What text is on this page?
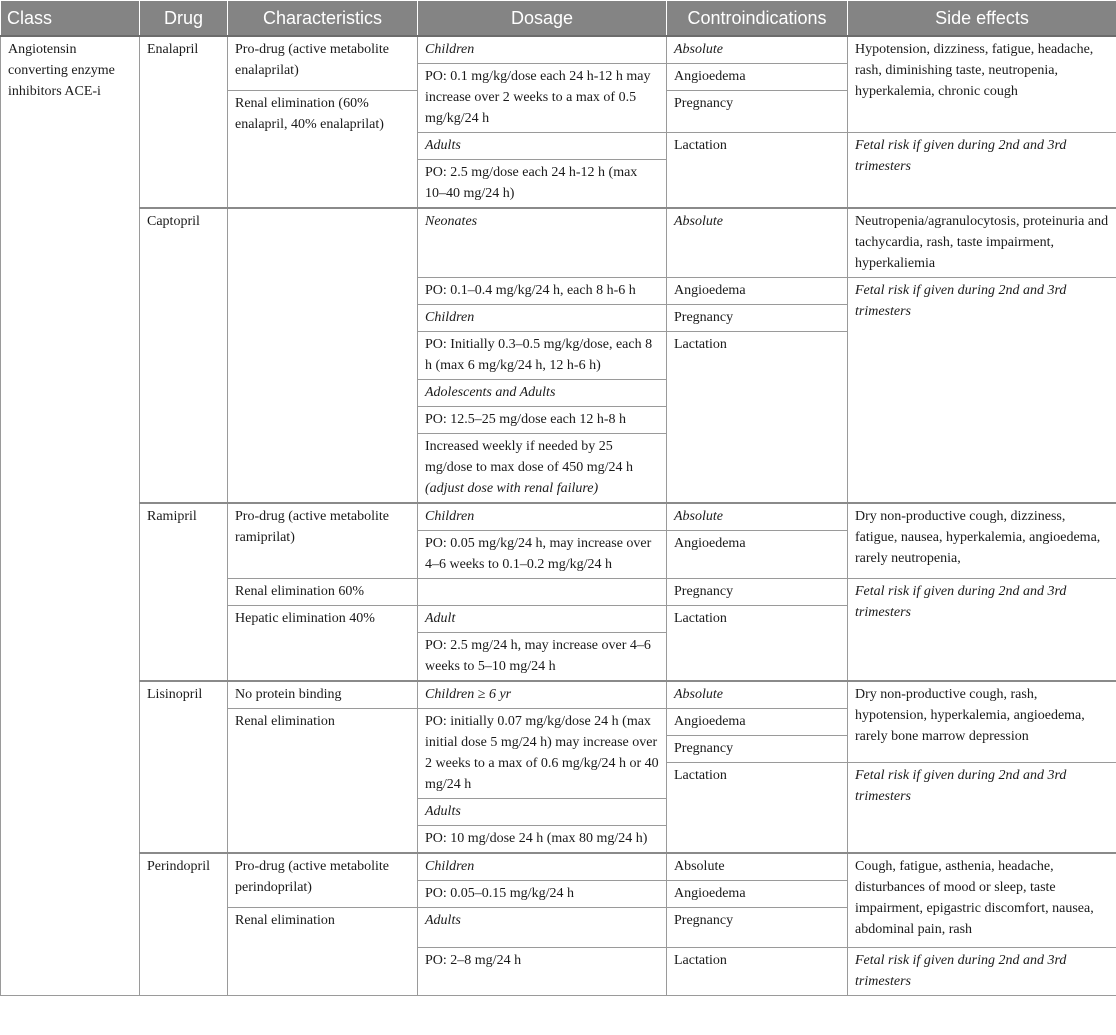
Class	Drug	Characteristics	Dosage	Controindications	Side effects
Angiotensin converting enzyme inhibitors ACE-i	Enalapril	Pro-drug (active metabolite enalaprilat)	Children	Absolute	Hypotension, dizziness, fatigue, headache, rash, diminishing taste, neutropenia, hyperkalemia, chronic cough
			PO: 0.1 mg/kg/dose each 24 h-12 h may increase over 2 weeks to a max of 0.5 mg/kg/24 h	Angioedema	
		Renal elimination (60% enalapril, 40% enalaprilat)		Pregnancy	
			Adults	Lactation	Fetal risk if given during 2nd and 3rd trimesters
			PO: 2.5 mg/dose each 24 h-12 h (max 10–40 mg/24 h)		
	Captopril		Neonates	Absolute	Neutropenia/agranulocytosis, proteinuria and tachycardia, rash, taste impairment, hyperkaliemia
			PO: 0.1–0.4 mg/kg/24 h, each 8 h-6 h	Angioedema	Fetal risk if given during 2nd and 3rd trimesters
			Children	Pregnancy	
			PO: Initially 0.3–0.5 mg/kg/dose, each 8 h (max 6 mg/kg/24 h, 12 h-6 h)	Lactation	
			Adolescents and Adults		
			PO: 12.5–25 mg/dose each 12 h-8 h		
			Increased weekly if needed by 25 mg/dose to max dose of 450 mg/24 h (adjust dose with renal failure)		

	Ramipril	Pro-drug (active metabolite ramiprilat)	Children	Absolute	Dry non-productive cough, dizziness, fatigue, nausea, hyperkalemia, angioedema, rarely neutropenia,
			PO: 0.05 mg/kg/24 h, may increase over 4–6 weeks to 0.1–0.2 mg/kg/24 h	Angioedema	
		Renal elimination 60%		Pregnancy	Fetal risk if given during 2nd and 3rd trimesters
		Hepatic elimination 40%	Adult	Lactation	
			PO: 2.5 mg/24 h, may increase over 4–6 weeks to 5–10 mg/24 h		
	Lisinopril	No protein binding	Children ≥ 6 yr	Absolute	Dry non-productive cough, rash, hypotension, hyperkalemia, angioedema, rarely bone marrow depression
		Renal elimination	PO: initially 0.07 mg/kg/dose 24 h (max initial dose 5 mg/24 h) may increase over 2 weeks to a max of 0.6 mg/kg/24 h or 40 mg/24 h	Angioedema	
				Pregnancy	
				Lactation	Fetal risk if given during 2nd and 3rd trimesters
			Adults		
			PO: 10 mg/dose 24 h (max 80 mg/24 h)		
	Perindopril	Pro-drug (active metabolite perindoprilat)	Children	Absolute	Cough, fatigue, asthenia, headache, disturbances of mood or sleep, taste impairment, epigastric discomfort, nausea, abdominal pain, rash
			PO: 0.05–0.15 mg/kg/24 h	Angioedema	
		Renal elimination	Adults	Pregnancy	
			PO: 2–8 mg/24 h	Lactation	Fetal risk if given during 2nd and 3rd trimesters
